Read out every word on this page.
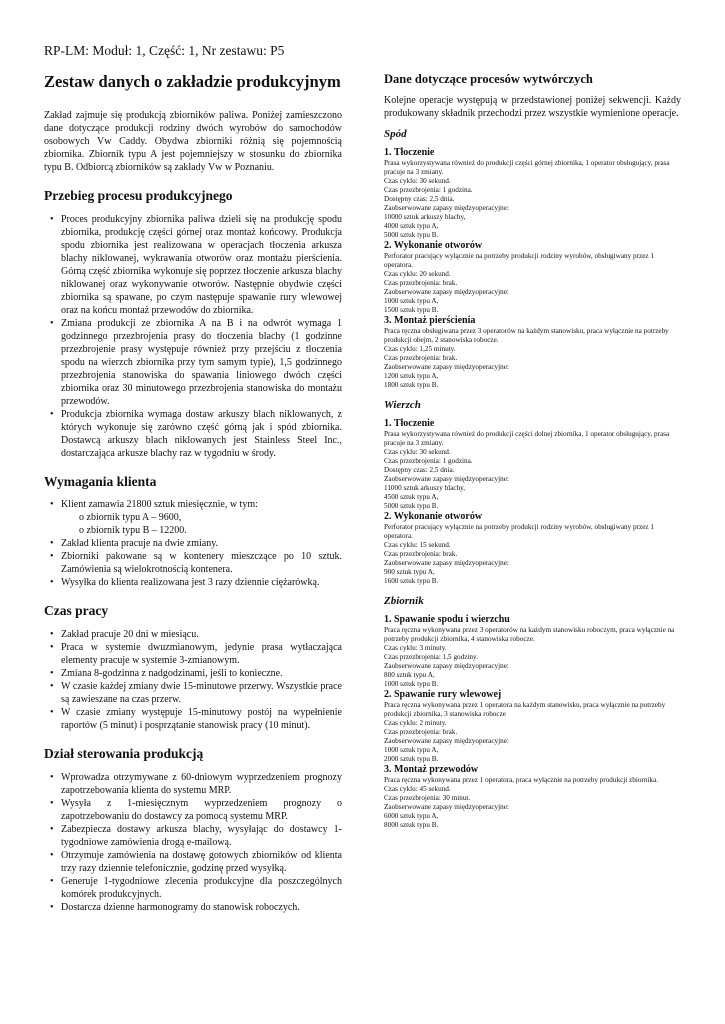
RP-LM: Moduł: 1, Część: 1, Nr zestawu: P5
Zestaw danych o zakładzie produkcyjnym

Zakład zajmuje się produkcją zbiorników paliwa. Poniżej zamieszczono dane dotyczące produkcji rodziny dwóch wyrobów do samochodów osobowych Vw Caddy. Obydwa zbiorniki różnią się pojemnością zbiornika. Zbiornik typu A jest pojemniejszy w stosunku do zbiornika typu B. Odbiorcą zbiorników są zakłady Vw w Poznaniu.

Przebieg procesu produkcyjnego
• Proces produkcyjny zbiornika paliwa dzieli się na produkcję spodu zbiornika, produkcję części górnej oraz montaż końcowy. Produkcja spodu zbiornika jest realizowana w operacjach tłoczenia arkusza blachy niklowanej, wykrawania otworów oraz montażu pierścienia. Górną część zbiornika wykonuje się poprzez tłoczenie arkusza blachy niklowanej oraz wykonywanie otworów. Następnie obydwie części zbiornika są spawane, po czym następuje spawanie rury wlewowej oraz na końcu montaż przewodów do zbiornika.
• Zmiana produkcji ze zbiornika A na B i na odwrót wymaga 1 godzinnego przezbrojenia prasy do tłoczenia blachy (1 godzinne przezbrojenie prasy występuje również przy przejściu z tłoczenia spodu na wierzch zbiornika przy tym samym typie), 1,5 godzinnego przezbrojenia stanowiska do spawania liniowego dwóch części zbiornika oraz 30 minutowego przezbrojenia stanowiska do montażu przewodów.
• Produkcja zbiornika wymaga dostaw arkuszy blach niklowanych, z których wykonuje się zarówno część górną jak i spód zbiornika. Dostawcą arkuszy blach niklowanych jest Stainless Steel Inc., dostarczająca arkusze blachy raz w tygodniu w środy.
Wymagania klienta
• Klient zamawia 21800 sztuk miesięcznie, w tym:
o zbiornik typu A – 9600,
o zbiornik typu B – 12200.
• Zakład klienta pracuje na dwie zmiany.
• Zbiorniki pakowane są w kontenery mieszczące po 10 sztuk. Zamówienia są wielokrotnością kontenera.
• Wysyłka do klienta realizowana jest 3 razy dziennie ciężarówką.
Czas pracy
• Zakład pracuje 20 dni w miesiącu.
• Praca w systemie dwuzmianowym, jedynie prasa wytłaczająca elementy pracuje w systemie 3-zmianowym.
• Zmiana 8-godzinna z nadgodzinami, jeśli to konieczne.
• W czasie każdej zmiany dwie 15-minutowe przerwy. Wszystkie prace są zawieszane na czas przerw.
• W czasie zmiany występuje 15-minutowy postój na wypełnienie raportów (5 minut) i posprzątanie stanowisk pracy (10 minut).
Dział sterowania produkcją
• Wprowadza otrzymywane z 60-dniowym wyprzedzeniem prognozy zapotrzebowania klienta do systemu MRP.
• Wysyła z 1-miesięcznym wyprzedzeniem prognozy o zapotrzebowaniu do dostawcy za pomocą systemu MRP.
• Zabezpiecza dostawy arkusza blachy, wysyłając do dostawcy 1-tygodniowe zamówienia drogą e-mailową.
• Otrzymuje zamówienia na dostawę gotowych zbiorników od klienta trzy razy dziennie telefonicznie, godzinę przed wysyłką.
• Generuje 1-tygodniowe zlecenia produkcyjne dla poszczególnych komórek produkcyjnych.
• Dostarcza dzienne harmonogramy do stanowisk roboczych.
Dane dotyczące procesów wytwórczych

Kolejne operacje występują w przedstawionej poniżej sekwencji. Każdy produkowany składnik przechodzi przez wszystkie wymienione operacje.

Spód
1. Tłoczenie
Prasa wykorzystywana również do produkcji części górnej zbiornika, 1 operator obsługujący, prasa pracuje na 3 zmiany.
Czas cyklu: 30 sekund.
Czas przezbrojenia: 1 godzina.
Dostępny czas: 2,5 dnia.
Zaobserwowane zapasy międzyoperacyjne:
10000 sztuk arkuszy blachy,
4000 sztuk typu A,
5000 sztuk typu B.
2. Wykonanie otworów
Perforator pracujący wyłącznie na potrzeby produkcji rodziny wyrobów, obsługiwany przez 1 operatora.
Czas cyklu: 20 sekund.
Czas przezbrojenia: brak.
Zaobserwowane zapasy międzyoperacyjne:
1000 sztuk typu A,
1500 sztuk typu B.
3. Montaż pierścienia
Praca ręczna obsługiwana przez 3 operatorów na każdym stanowisku, praca wyłącznie na potrzeby produkcji obejm, 2 stanowiska robocze.
Czas cyklu: 1,25 minuty.
Czas przezbrojenia: brak.
Zaobserwowane zapasy międzyoperacyjne:
1200 sztuk typu A,
1800 sztuk typu B.
Wierzch
1. Tłoczenie
Prasa wykorzystywana również do produkcji części dolnej zbiornika, 1 operator obsługujący, prasa pracuje na 3 zmiany.
Czas cyklu: 30 sekund.
Czas przezbrojenia: 1 godzina.
Dostępny czas: 2,5 dnia.
Zaobserwowane zapasy międzyoperacyjne:
11000 sztuk arkuszy blachy,
4500 sztuk typu A,
5000 sztuk typu B.
2. Wykonanie otworów
Perforator pracujący wyłącznie na potrzeby produkcji rodziny wyrobów, obsługiwany przez 1 operatora.
Czas cyklu: 15 sekund.
Czas przezbrojenia: brak.
Zaobserwowane zapasy międzyoperacyjne:
900 sztuk typu A,
1600 sztuk typu B.
Zbiornik
1. Spawanie spodu i wierzchu
Praca ręczna wykonywana przez 3 operatorów na każdym stanowisku roboczym, praca wyłącznie na potrzeby produkcji zbiornika, 4 stanowiska robocze.
Czas cyklu: 3 minuty.
Czas przezbrojenia: 1,5 godziny.
Zaobserwowane zapasy międzyoperacyjne:
800 sztuk typu A,
1000 sztuk typu B.
2. Spawanie rury wlewowej
Praca ręczna wykonywana przez 1 operatora na każdym stanowisku, praca wyłącznie na potrzeby produkcji zbiornika, 3 stanowiska robocze
Czas cyklu: 2 minuty.
Czas przezbrojenia: brak.
Zaobserwowane zapasy międzyoperacyjne:
1000 sztuk typu A,
2000 sztuk typu B.
3. Montaż przewodów
Praca ręczna wykonywana przez 1 operatora, praca wyłącznie na potrzeby produkcji zbiornika.
Czas cyklu: 45 sekund.
Czas przezbrojenia: 30 minut.
Zaobserwowane zapasy międzyoperacyjne:
6000 sztuk typu A,
8000 sztuk typu B.
